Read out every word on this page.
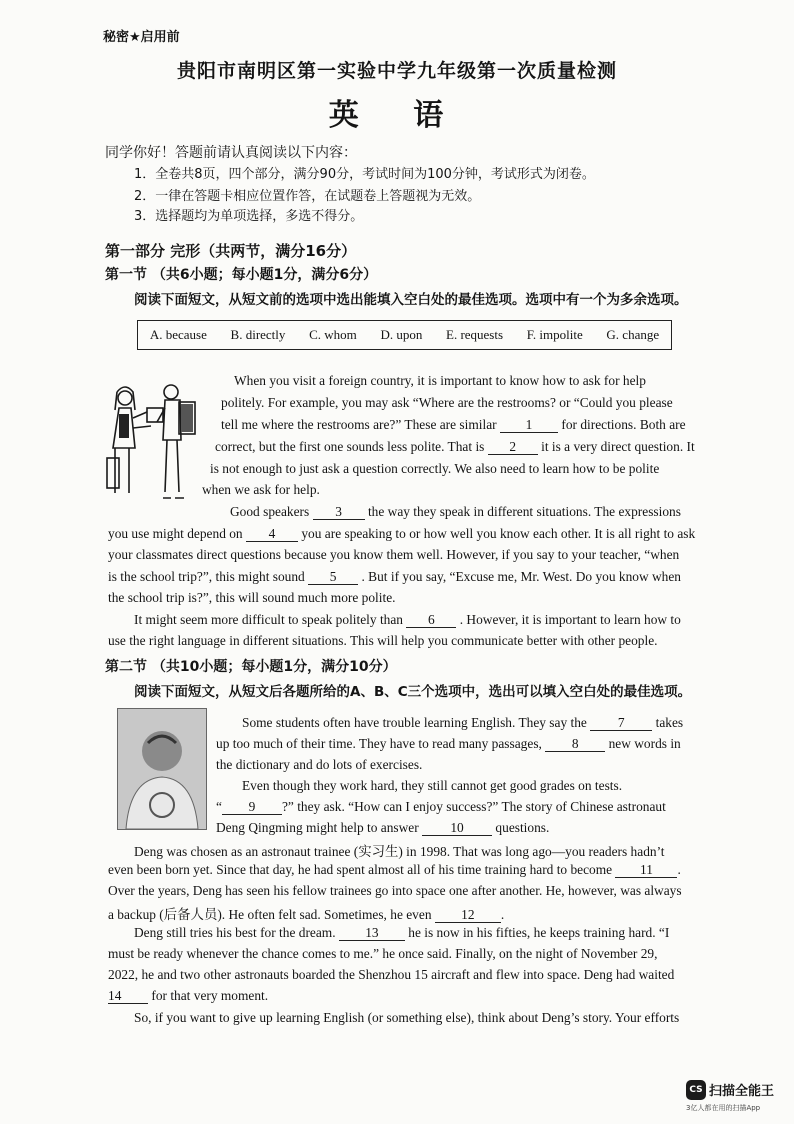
秘密★启用前
贵阳市南明区第一实验中学九年级第一次质量检测
英 语
同学你好！答题前请认真阅读以下内容：
1．全卷共8页，四个部分，满分90分，考试时间为100分钟，考试形式为闭卷。
2．一律在答题卡相应位置作答，在试题卷上答题视为无效。
3．选择题均为单项选择，多选不得分。
第一部分 完形（共两节，满分16分）
第一节 （共6小题；每小题1分，满分6分）
阅读下面短文，从短文前的选项中选出能填入空白处的最佳选项。选项中有一个为多余选项。
A. because B. directly C. whom D. upon E. requests F. impolite G. change
When you visit a foreign country, it is important to know how to ask for help
politely. For example, you may ask “Where are the restrooms? or “Could you please
tell me where the restrooms are?” These are similar 1 for directions. Both are
correct, but the first one sounds less polite. That is 2 it is a very direct question. It
is not enough to just ask a question correctly. We also need to learn how to be polite
when we ask for help.
Good speakers 3 the way they speak in different situations. The expressions
you use might depend on 4 you are speaking to or how well you know each other. It is all right to ask
your classmates direct questions because you know them well. However, if you say to your teacher, “when
is the school trip?”, this might sound 5 . But if you say, “Excuse me, Mr. West. Do you know when
the school trip is?”, this will sound much more polite.
It might seem more difficult to speak politely than 6 . However, it is important to learn how to
use the right language in different situations. This will help you communicate better with other people.
第二节 （共10小题；每小题1分，满分10分）
阅读下面短文，从短文后各题所给的A、B、C三个选项中，选出可以填入空白处的最佳选项。
Some students often have trouble learning English. They say the 7 takes
up too much of their time. They have to read many passages, 8 new words in
the dictionary and do lots of exercises.
Even though they work hard, they still cannot get good grades on tests.
“ 9 ?” they ask. “How can I enjoy success?” The story of Chinese astronaut
Deng Qingming might help to answer 10 questions.
Deng was chosen as an astronaut trainee (实习生) in 1998. That was long ago—you readers hadn’t
even been born yet. Since that day, he had spent almost all of his time training hard to become 11 .
Over the years, Deng has seen his fellow trainees go into space one after another. He, however, was always
a backup (后备人员). He often felt sad. Sometimes, he even 12 .
Deng still tries his best for the dream. 13 he is now in his fifties, he keeps training hard. “I
must be ready whenever the chance comes to me.” he once said. Finally, on the night of November 29,
2022, he and two other astronauts boarded the Shenzhou 15 aircraft and flew into space. Deng had waited
14 for that very moment.
So, if you want to give up learning English (or something else), think about Deng’s story. Your efforts
CS 扫描全能王
3亿人都在用的扫描App
